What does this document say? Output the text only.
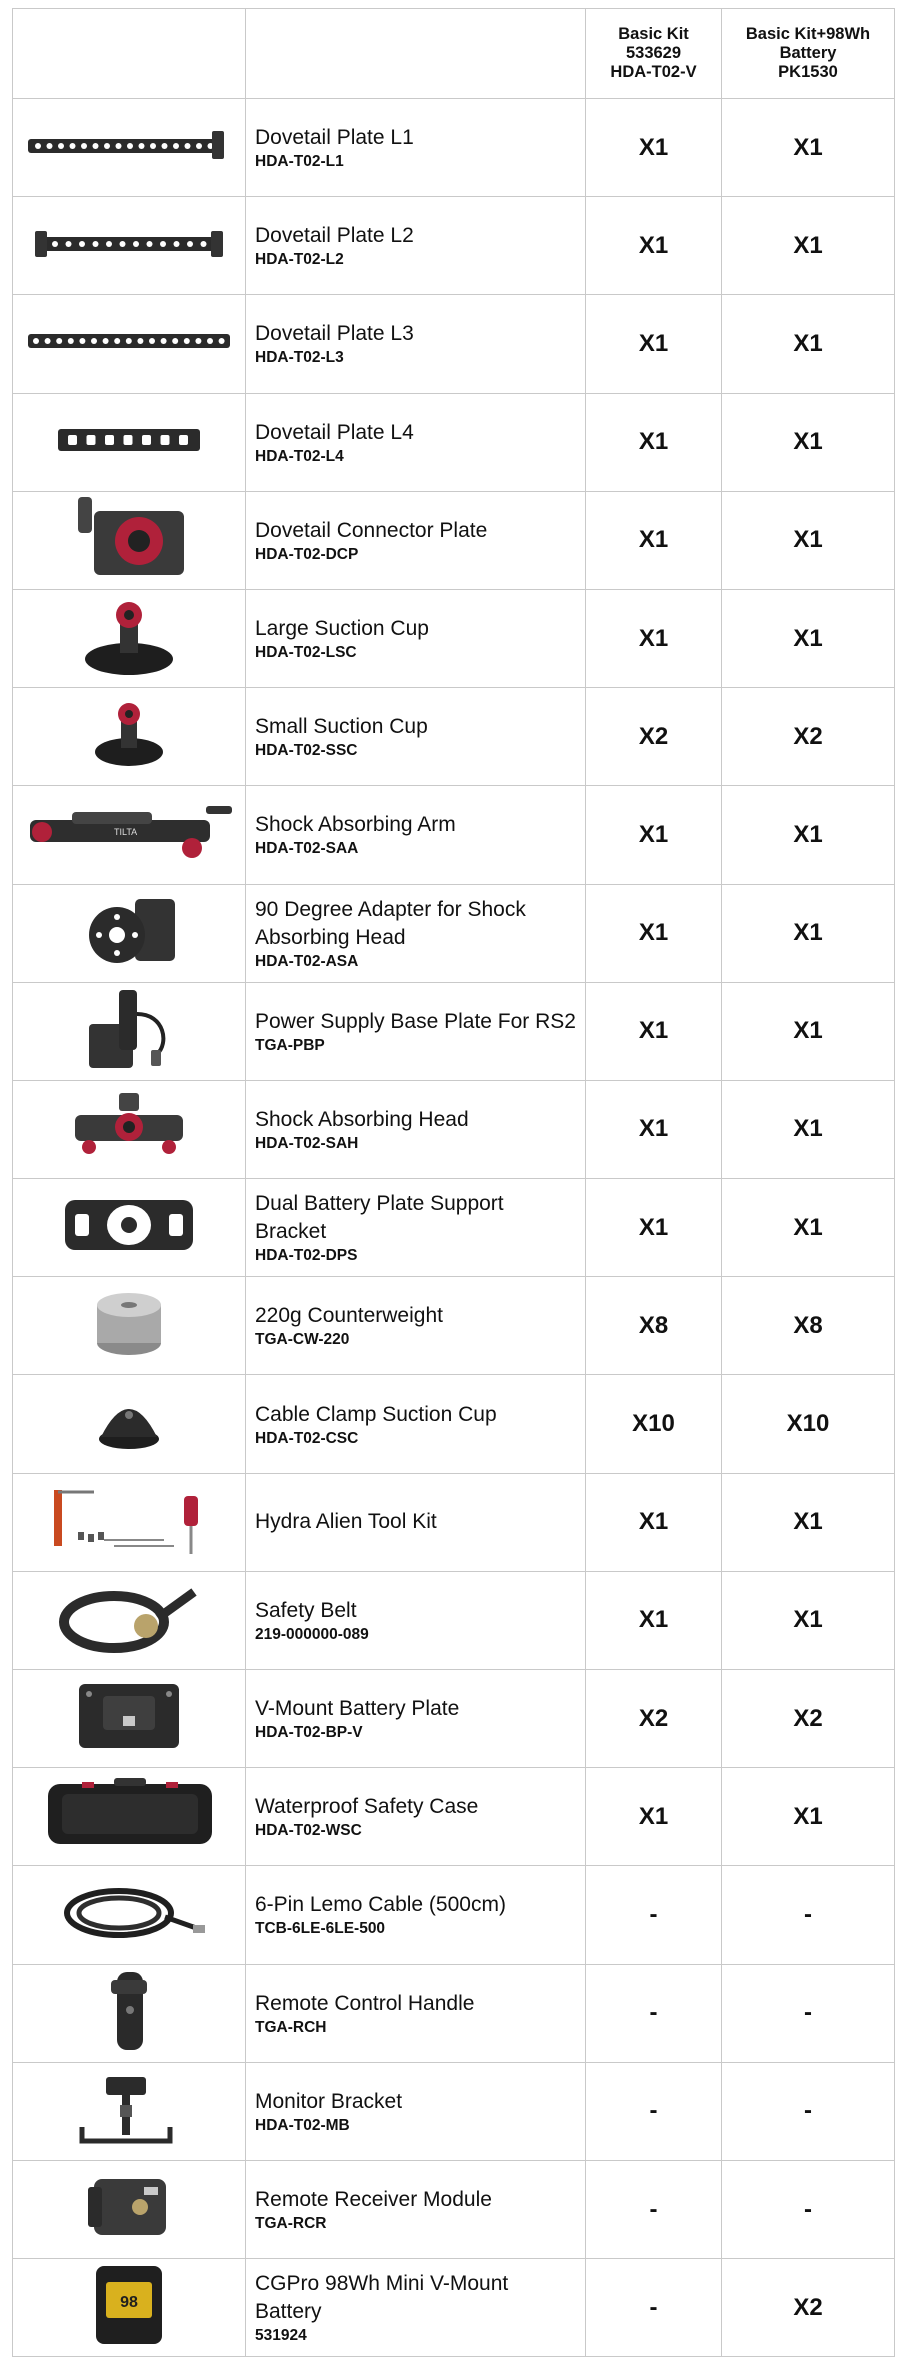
		Basic Kit
533629
HDA-T02-V	Basic Kit+98Wh
Battery
PK1530

Dovetail Plate L1
HDA-T02-L1	X1	X1

Dovetail Plate L2
HDA-T02-L2	X1	X1

Dovetail Plate L3
HDA-T02-L3	X1	X1

Dovetail Plate L4
HDA-T02-L4	X1	X1

Dovetail Connector Plate
HDA-T02-DCP	X1	X1

Large Suction Cup
HDA-T02-LSC	X1	X1

Small Suction Cup
HDA-T02-SSC	X2	X2

TILTA	Shock Absorbing Arm
HDA-T02-SAA	X1	X1

90 Degree Adapter for Shock Absorbing Head
HDA-T02-ASA	X1	X1

Power Supply Base Plate For RS2
TGA-PBP	X1	X1

Shock Absorbing Head
HDA-T02-SAH	X1	X1

Dual Battery Plate Support Bracket
HDA-T02-DPS	X1	X1

220g Counterweight
TGA-CW-220	X8	X8

Cable Clamp Suction Cup
HDA-T02-CSC	X10	X10

Hydra Alien Tool Kit	X1	X1

Safety Belt
219-000000-089	X1	X1

V-Mount Battery Plate
HDA-T02-BP-V	X2	X2

Waterproof Safety Case
HDA-T02-WSC	X1	X1

6-Pin Lemo Cable (500cm)
TCB-6LE-6LE-500	-	-

Remote Control Handle
TGA-RCH	-	-

Monitor Bracket
HDA-T02-MB	-	-

Remote Receiver Module
TGA-RCR	-	-

98	CGPro 98Wh Mini V-Mount Battery
531924	-	X2
